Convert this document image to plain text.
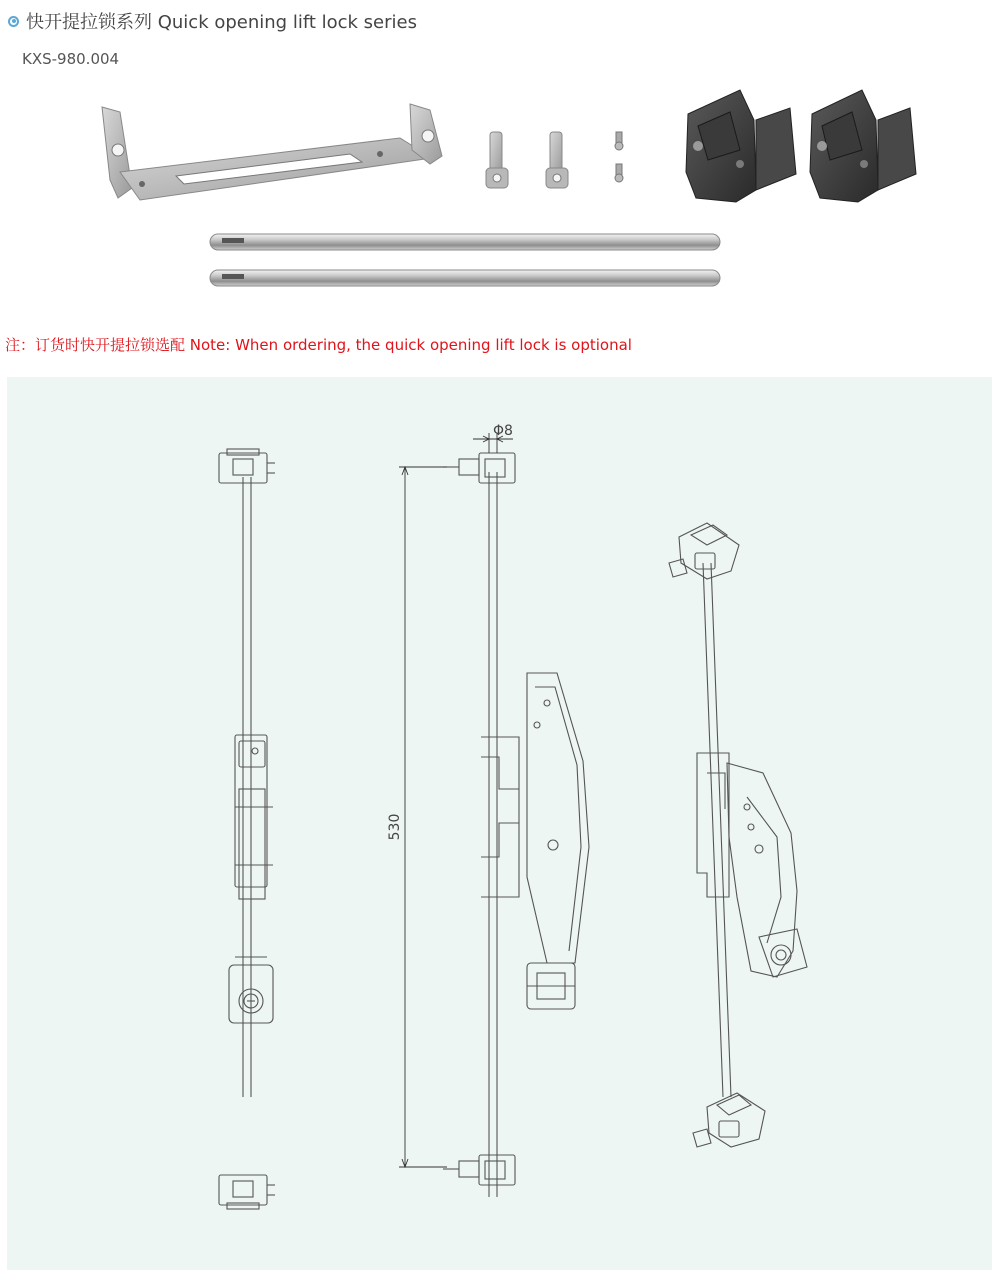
快开提拉锁系列 Quick opening lift lock series
KXS-980.004
注：订货时快开提拉锁选配 Note: When ordering, the quick opening lift lock is optional
Φ8
530
